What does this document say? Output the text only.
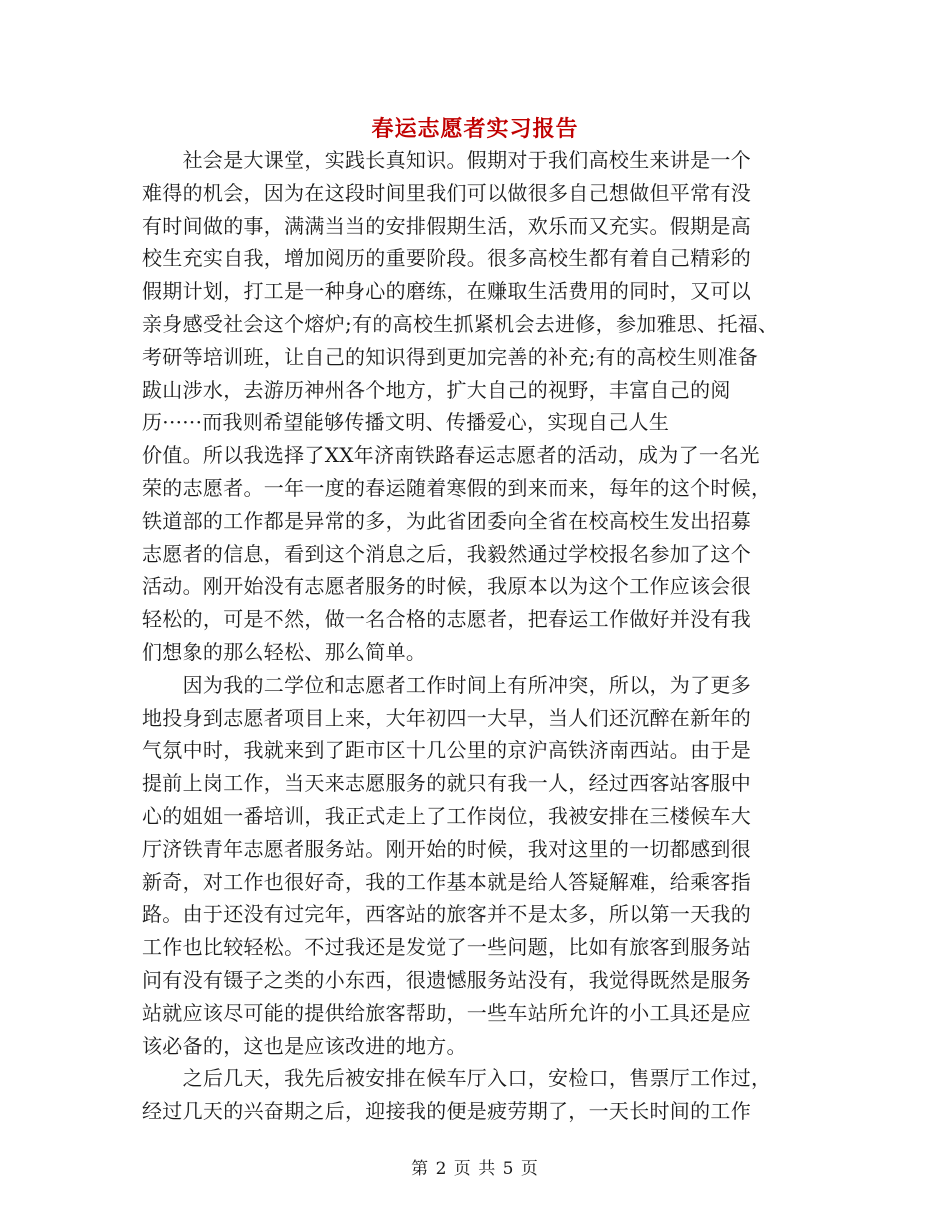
春运志愿者实习报告
　　社会是大课堂，实践长真知识。假期对于我们高校生来讲是一个
难得的机会，因为在这段时间里我们可以做很多自己想做但平常有没
有时间做的事，满满当当的安排假期生活，欢乐而又充实。假期是高
校生充实自我，增加阅历的重要阶段。很多高校生都有着自己精彩的
假期计划，打工是一种身心的磨练，在赚取生活费用的同时，又可以
亲身感受社会这个熔炉;有的高校生抓紧机会去进修，参加雅思、托福、
考研等培训班，让自己的知识得到更加完善的补充;有的高校生则准备
跋山涉水，去游历神州各个地方，扩大自己的视野，丰富自己的阅
历······而我则希望能够传播文明、传播爱心，实现自己人生
价值。所以我选择了XX年济南铁路春运志愿者的活动，成为了一名光
荣的志愿者。一年一度的春运随着寒假的到来而来，每年的这个时候，
铁道部的工作都是异常的多，为此省团委向全省在校高校生发出招募
志愿者的信息，看到这个消息之后，我毅然通过学校报名参加了这个
活动。刚开始没有志愿者服务的时候，我原本以为这个工作应该会很
轻松的，可是不然，做一名合格的志愿者，把春运工作做好并没有我
们想象的那么轻松、那么简单。
　　因为我的二学位和志愿者工作时间上有所冲突，所以，为了更多
地投身到志愿者项目上来，大年初四一大早，当人们还沉醉在新年的
气氛中时，我就来到了距市区十几公里的京沪高铁济南西站。由于是
提前上岗工作，当天来志愿服务的就只有我一人，经过西客站客服中
心的姐姐一番培训，我正式走上了工作岗位，我被安排在三楼候车大
厅济铁青年志愿者服务站。刚开始的时候，我对这里的一切都感到很
新奇，对工作也很好奇，我的工作基本就是给人答疑解难，给乘客指
路。由于还没有过完年，西客站的旅客并不是太多，所以第一天我的
工作也比较轻松。不过我还是发觉了一些问题，比如有旅客到服务站
问有没有镊子之类的小东西，很遗憾服务站没有，我觉得既然是服务
站就应该尽可能的提供给旅客帮助，一些车站所允许的小工具还是应
该必备的，这也是应该改进的地方。
　　之后几天，我先后被安排在候车厅入口，安检口，售票厅工作过，
经过几天的兴奋期之后，迎接我的便是疲劳期了，一天长时间的工作
第 2 页 共 5 页
